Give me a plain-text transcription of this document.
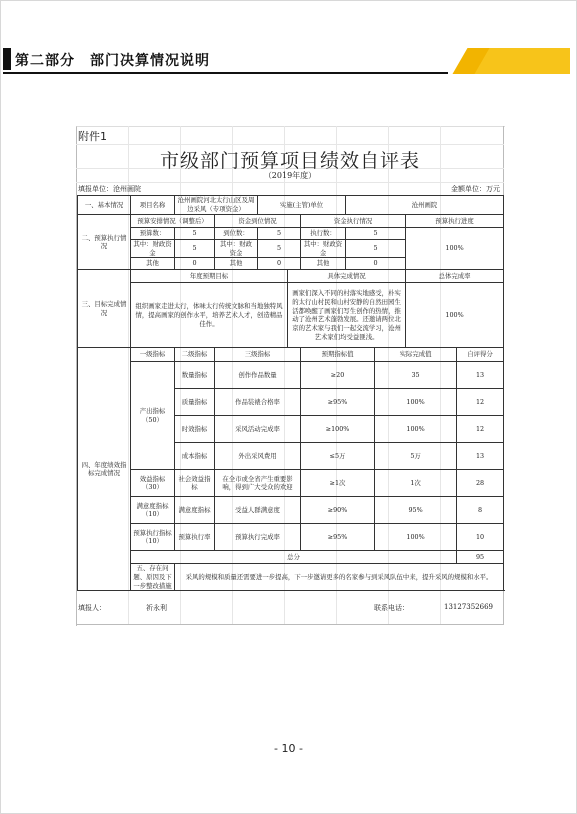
第二部分　部门决算情况说明
附件1
市级部门预算项目绩效自评表
（2019年度）
填报单位：沧州画院	金额单位：万元
一、基本情况	项目名称	沧州画院河北太行山区及周边采风（专项资金）		实施(主管)单位			沧州画院			
二、预算执行情况	预算安排情况（调整后）		资金到位情况			资金执行情况			预算执行进度	
	预算数：	5	到位数：	5		执行数：	5		100%	
	其中：财政资金	5	其中：财政资金	5		其中：财政资金	5			
	其他	0	其他	0		其他	0			
三、目标完成情况	年度预期目标				具体完成情况				总体完成率	
	组织画家走进太行，体味太行传统文脉和当地独特风情，提高画家的创作水平，培养艺术人才，创造精品佳作。				画家们深入不同的村落实地感受，朴实的太行山村民和山村安静的自然田园生活都唤醒了画家们写生创作的热情，推动了沧州艺术蓬勃发展。还邀请两位北京的艺术家与我们一起交流学习，沧州艺术家们均受益匪浅。				100%	
四、年度绩效指标完成情况	一级指标	二级指标	三级指标			预期指标值		实际完成值		自评得分
	产出指标（50）	数量指标	创作作品数量			≥20		35		13
		质量指标	作品装裱合格率			≥95%		100%		12
		时效指标	采风活动完成率			≥100%		100%		12
		成本指标	外出采风费用			≤5万		5万		13
	效益指标（30）	社会效益指标	在全市或全省产生重要影响，得到广大受众的欢迎			≥1次		1次		28
	满意度指标（10）	满意度指标	受益人群满意度			≥90%		95%		8
	预算执行指标（10）	预算执行率	预算执行完成率			≥95%		100%		10
	总分									95
	五、存在问题、原因及下一步整改措施	采风的规模和质量还需要进一步提高，下一步邀请更多的名家参与到采风队伍中来，提升采风的规模和水平。								
填报人：	祈永利	联系电话：	13127352669
- 10 -
